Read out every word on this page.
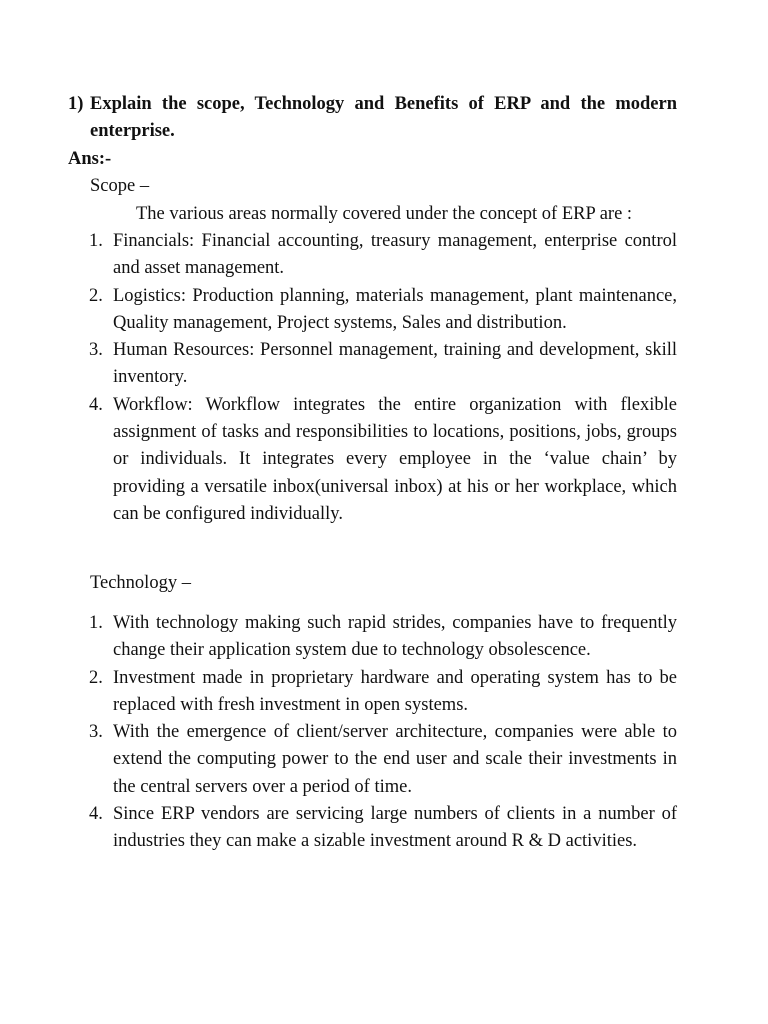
1) Explain the scope, Technology and Benefits of ERP and the modern enterprise.
Ans:-
Scope –
The various areas normally covered under the concept of ERP are :
1. Financials: Financial accounting, treasury management, enterprise control and asset management.
2. Logistics: Production planning, materials management, plant maintenance, Quality management, Project systems, Sales and distribution.
3. Human Resources: Personnel management, training and development, skill inventory.
4. Workflow: Workflow integrates the entire organization with flexible assignment of tasks and responsibilities to locations, positions, jobs, groups or individuals. It integrates every employee in the ‘value chain’ by providing a versatile inbox(universal inbox) at his or her workplace, which can be configured individually.
Technology –
1. With technology making such rapid strides, companies have to frequently change their application system due to technology obsolescence.
2. Investment made in proprietary hardware and operating system has to be replaced with fresh investment in open systems.
3. With the emergence of client/server architecture, companies were able to extend the computing power to the end user and scale their investments in the central servers over a period of time.
4. Since ERP vendors are servicing large numbers of clients in a number of industries they can make a sizable investment around R & D activities.
